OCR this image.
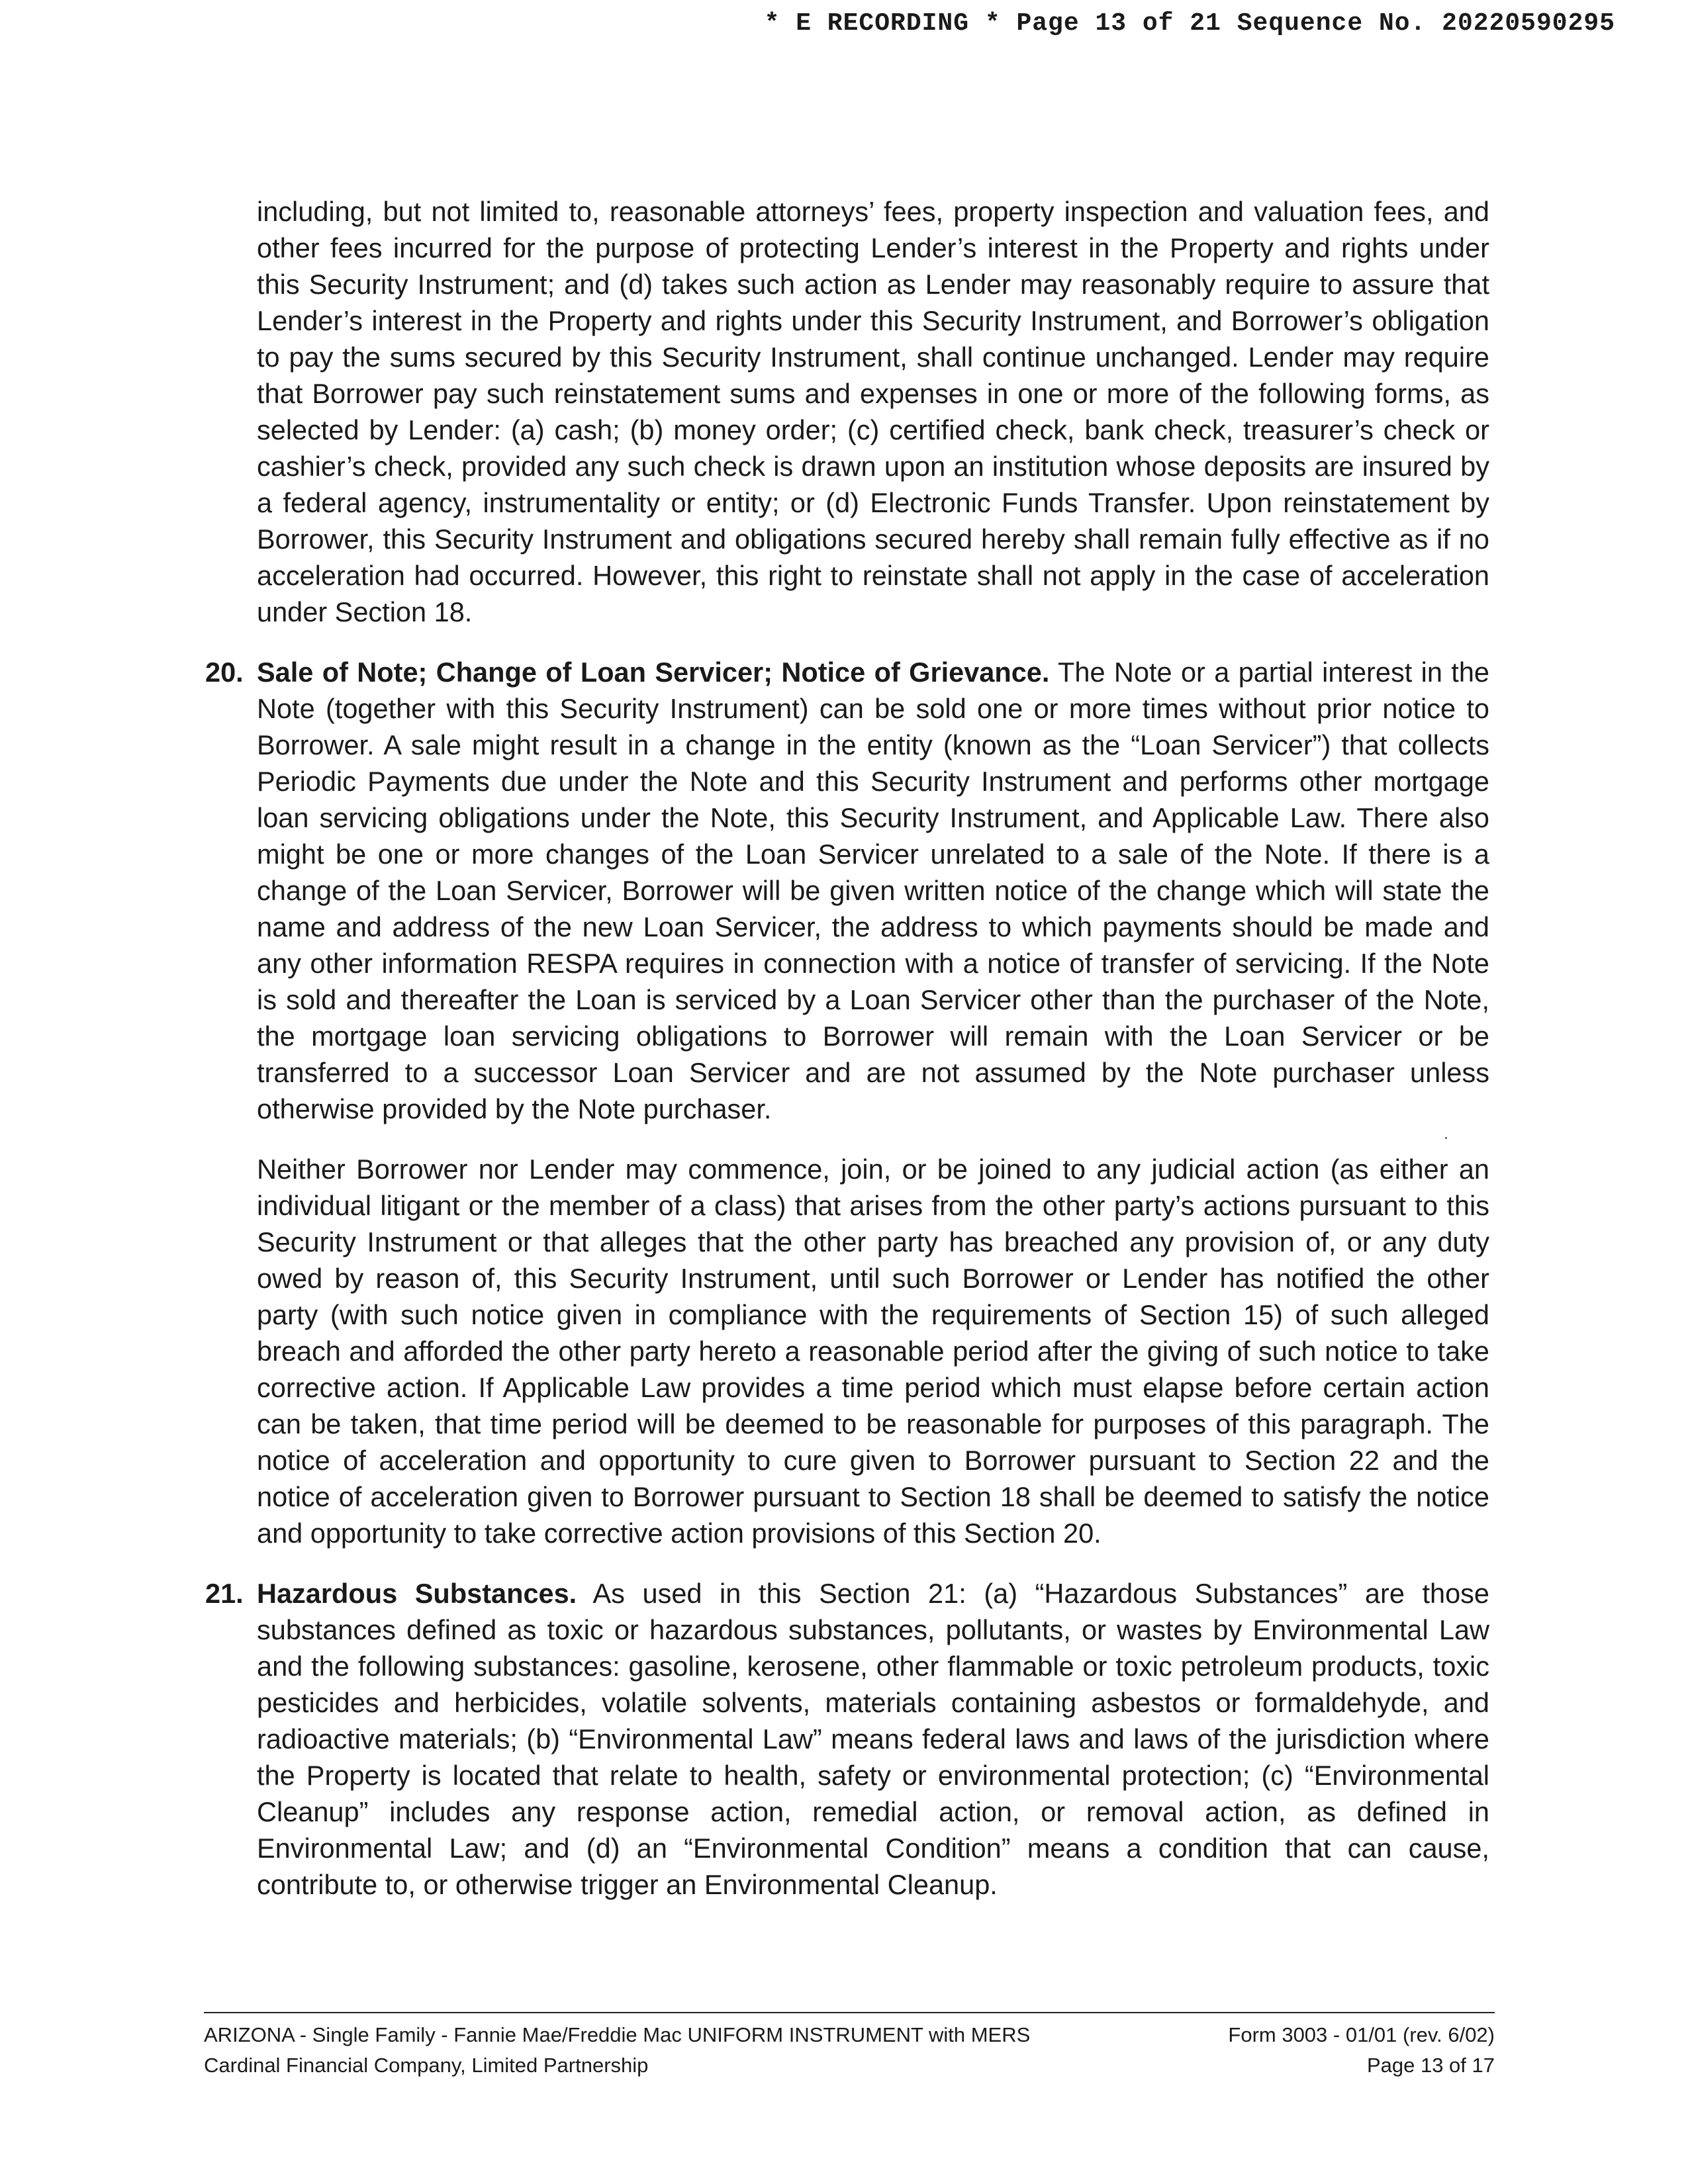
* E RECORDING * Page 13 of 21 Sequence No. 20220590295

including, but not limited to, reasonable attorneys’ fees, property inspection and valuation fees, and other fees incurred for the purpose of protecting Lender’s interest in the Property and rights under this Security Instrument; and (d) takes such action as Lender may reasonably require to assure that Lender’s interest in the Property and rights under this Security Instrument, and Borrower’s obligation to pay the sums secured by this Security Instrument, shall continue unchanged. Lender may require that Borrower pay such reinstatement sums and expenses in one or more of the following forms, as selected by Lender: (a) cash; (b) money order; (c) certified check, bank check, treasurer’s check or cashier’s check, provided any such check is drawn upon an institution whose deposits are insured by a federal agency, instrumentality or entity; or (d) Electronic Funds Transfer. Upon reinstatement by Borrower, this Security Instrument and obligations secured hereby shall remain fully effective as if no acceleration had occurred. However, this right to reinstate shall not apply in the case of acceleration under Section 18.

20. Sale of Note; Change of Loan Servicer; Notice of Grievance. The Note or a partial interest in the Note (together with this Security Instrument) can be sold one or more times without prior notice to Borrower. A sale might result in a change in the entity (known as the “Loan Servicer”) that collects Periodic Payments due under the Note and this Security Instrument and performs other mortgage loan servicing obligations under the Note, this Security Instrument, and Applicable Law. There also might be one or more changes of the Loan Servicer unrelated to a sale of the Note. If there is a change of the Loan Servicer, Borrower will be given written notice of the change which will state the name and address of the new Loan Servicer, the address to which payments should be made and any other information RESPA requires in connection with a notice of transfer of servicing. If the Note is sold and thereafter the Loan is serviced by a Loan Servicer other than the purchaser of the Note, the mortgage loan servicing obligations to Borrower will remain with the Loan Servicer or be transferred to a successor Loan Servicer and are not assumed by the Note purchaser unless otherwise provided by the Note purchaser.

Neither Borrower nor Lender may commence, join, or be joined to any judicial action (as either an individual litigant or the member of a class) that arises from the other party’s actions pursuant to this Security Instrument or that alleges that the other party has breached any provision of, or any duty owed by reason of, this Security Instrument, until such Borrower or Lender has notified the other party (with such notice given in compliance with the requirements of Section 15) of such alleged breach and afforded the other party hereto a reasonable period after the giving of such notice to take corrective action. If Applicable Law provides a time period which must elapse before certain action can be taken, that time period will be deemed to be reasonable for purposes of this paragraph. The notice of acceleration and opportunity to cure given to Borrower pursuant to Section 22 and the notice of acceleration given to Borrower pursuant to Section 18 shall be deemed to satisfy the notice and opportunity to take corrective action provisions of this Section 20.

21. Hazardous Substances. As used in this Section 21: (a) “Hazardous Substances” are those substances defined as toxic or hazardous substances, pollutants, or wastes by Environmental Law and the following substances: gasoline, kerosene, other flammable or toxic petroleum products, toxic pesticides and herbicides, volatile solvents, materials containing asbestos or formaldehyde, and radioactive materials; (b) “Environmental Law” means federal laws and laws of the jurisdiction where the Property is located that relate to health, safety or environmental protection; (c) “Environmental Cleanup” includes any response action, remedial action, or removal action, as defined in Environmental Law; and (d) an “Environmental Condition” means a condition that can cause, contribute to, or otherwise trigger an Environmental Cleanup.
ARIZONA - Single Family - Fannie Mae/Freddie Mac UNIFORM INSTRUMENT with MERS	Form 3003 - 01/01 (rev. 6/02)
Cardinal Financial Company, Limited Partnership	Page 13 of 17
